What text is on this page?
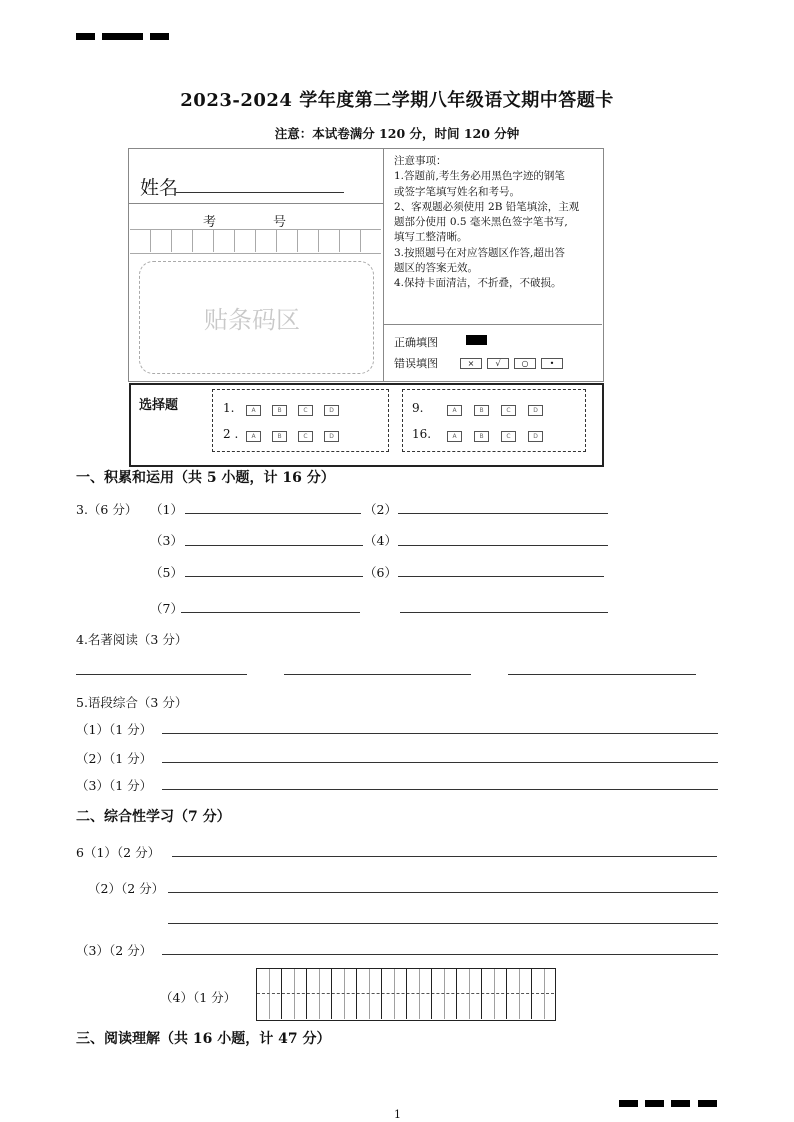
2023-2024 学年度第二学期八年级语文期中答题卡
注意：本试卷满分 120 分，时间 120 分钟
姓名
考	号
贴条码区
注意事项：
1.答题前,考生务必用黑色字迹的钢笔
或签字笔填写姓名和考号。
2、客观题必须使用 2B 铅笔填涂，主观
题部分使用 0.5 毫米黑色签字笔书写,
填写工整清晰。
3.按照题号在对应答题区作答,超出答
题区的答案无效。
4.保持卡面清洁，不折叠，不破损。
正确填图
错误填图	×	√	○	•
选择题	1.	A	B	C	D
2 .	A	B	C	D
9.	A	B	C	D
16.	A	B	C	D
一、积累和运用（共 5 小题，计 16 分）
3.（6 分） （1）	（2）
（3）	（4）
（5）	（6）
（7）
4.名著阅读（3 分）
5.语段综合（3 分）
（1）（1 分）
（2）（1 分）
（3）（1 分）
二、综合性学习（7 分）
6（1）（2 分）
（2）（2 分）
（3）（2 分）
（4）（1 分）
三、阅读理解（共 16 小题，计 47 分）
1
